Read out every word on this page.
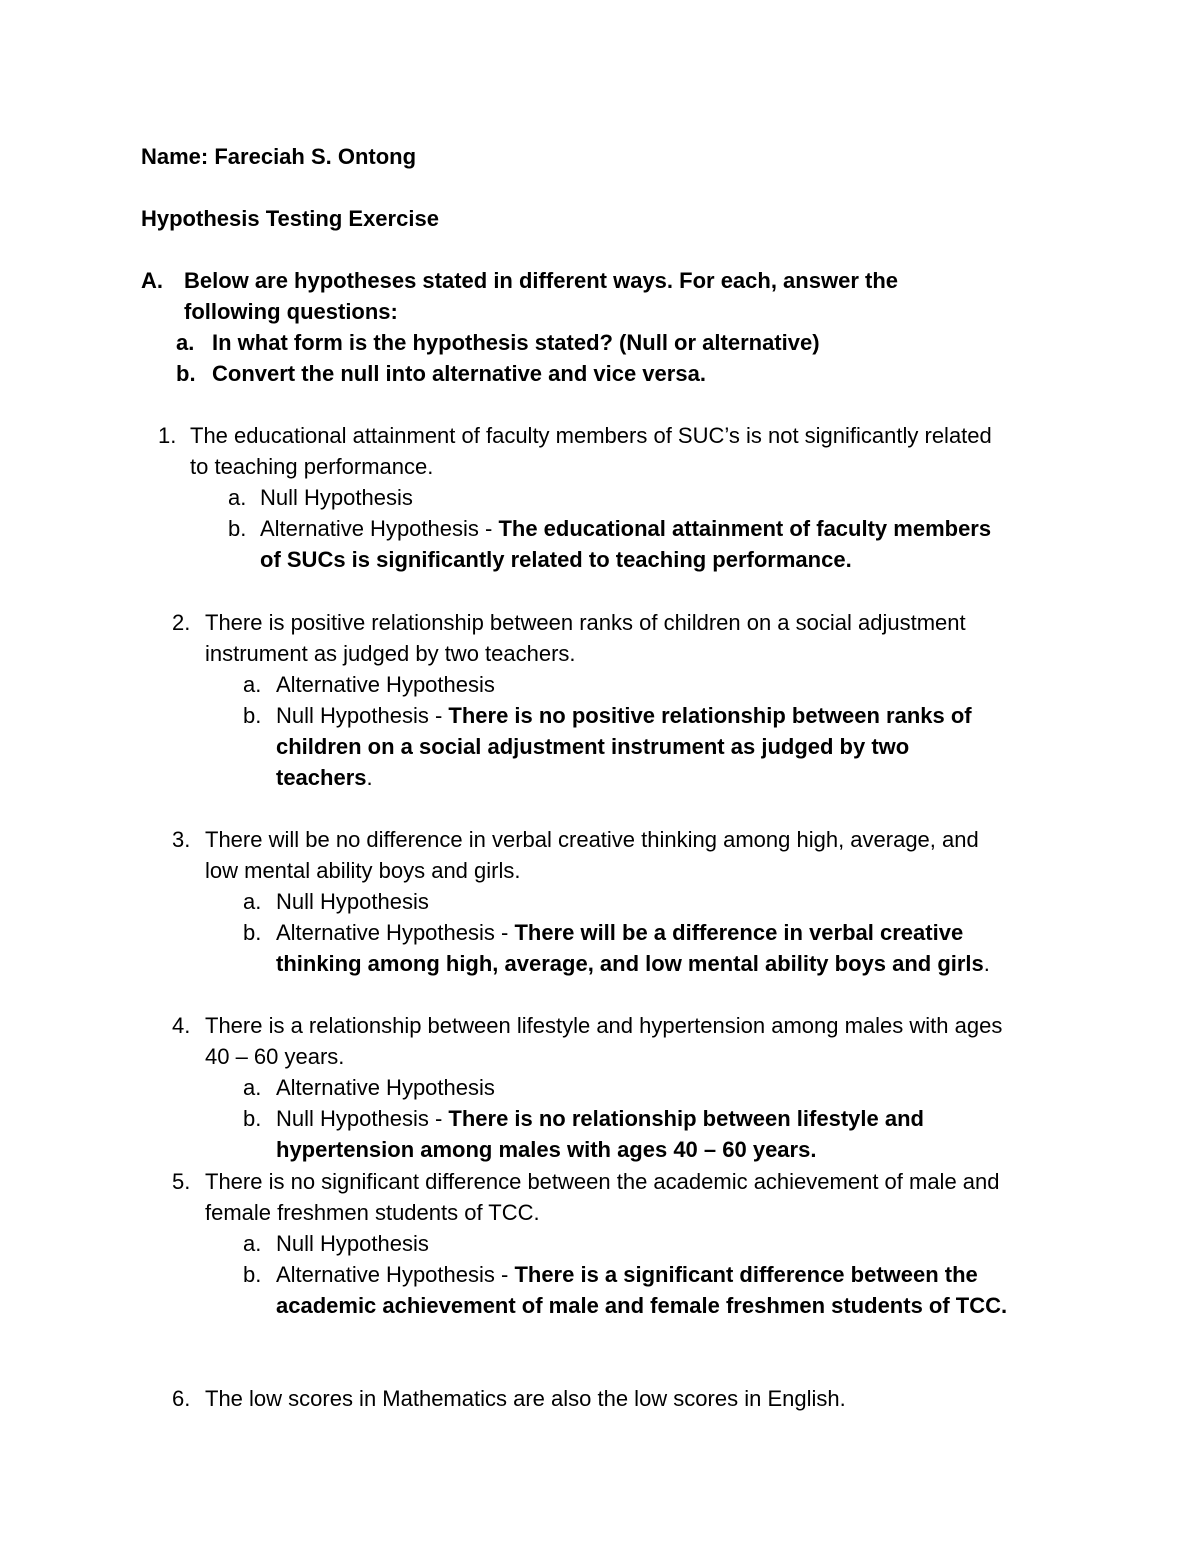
Name: Fareciah S. Ontong
Hypothesis Testing Exercise
A. Below are hypotheses stated in different ways. For each, answer the
following questions:
a. In what form is the hypothesis stated? (Null or alternative)
b. Convert the null into alternative and vice versa.
1. The educational attainment of faculty members of SUC’s is not significantly related
to teaching performance.
a. Null Hypothesis
b. Alternative Hypothesis - The educational attainment of faculty members
of SUCs is significantly related to teaching performance.
2. There is positive relationship between ranks of children on a social adjustment
instrument as judged by two teachers.
a. Alternative Hypothesis
b. Null Hypothesis - There is no positive relationship between ranks of
children on a social adjustment instrument as judged by two
teachers.
3. There will be no difference in verbal creative thinking among high, average, and
low mental ability boys and girls.
a. Null Hypothesis
b. Alternative Hypothesis - There will be a difference in verbal creative
thinking among high, average, and low mental ability boys and girls.
4. There is a relationship between lifestyle and hypertension among males with ages
40 – 60 years.
a. Alternative Hypothesis
b. Null Hypothesis - There is no relationship between lifestyle and
hypertension among males with ages 40 – 60 years.
5. There is no significant difference between the academic achievement of male and
female freshmen students of TCC.
a. Null Hypothesis
b. Alternative Hypothesis - There is a significant difference between the
academic achievement of male and female freshmen students of TCC.
6. The low scores in Mathematics are also the low scores in English.
